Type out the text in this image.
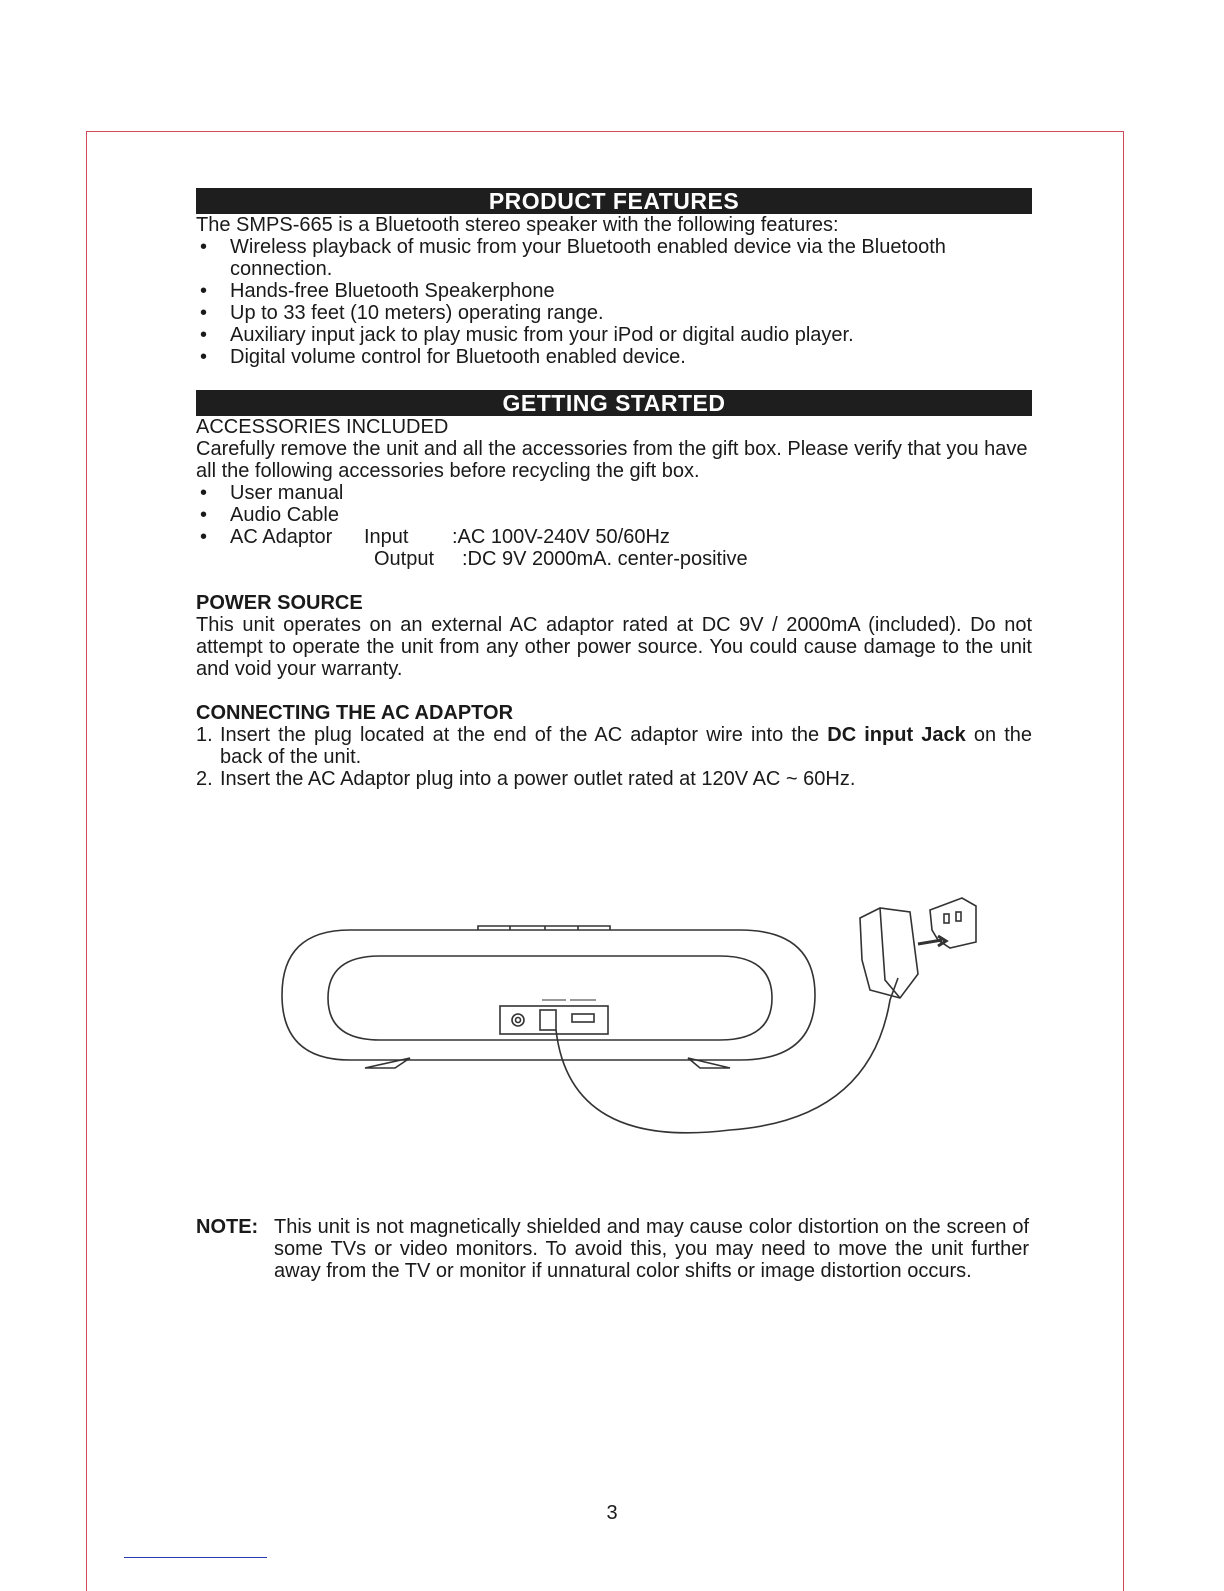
PRODUCT FEATURES

The SMPS-665 is a Bluetooth stereo speaker with the following features:

• Wireless playback of music from your Bluetooth enabled device via the Bluetooth
connection.
• Hands-free Bluetooth Speakerphone
• Up to 33 feet (10 meters) operating range.
• Auxiliary input jack to play music from your iPod or digital audio player.
• Digital volume control for Bluetooth enabled device.
GETTING STARTED

ACCESSORIES INCLUDED

Carefully remove the unit and all the accessories from the gift box. Please verify that you have all the following accessories before recycling the gift box.

• User manual
• Audio Cable
• AC Adaptor	Input	:AC 100V-240V 50/60Hz
Output	:DC 9V 2000mA. center-positive
POWER SOURCE

This unit operates on an external AC adaptor rated at DC 9V / 2000mA (included). Do not attempt to operate the unit from any other power source. You could cause damage to the unit and void your warranty.

CONNECTING THE AC ADAPTOR
1. Insert the plug located at the end of the AC adaptor wire into the DC input Jack on the back of the unit.
2. Insert the AC Adaptor plug into a power outlet rated at 120V AC ~ 60Hz.
NOTE: This unit is not magnetically shielded and may cause color distortion on the screen of some TVs or video monitors. To avoid this, you may need to move the unit further away from the TV or monitor if unnatural color shifts or image distortion occurs.
3
